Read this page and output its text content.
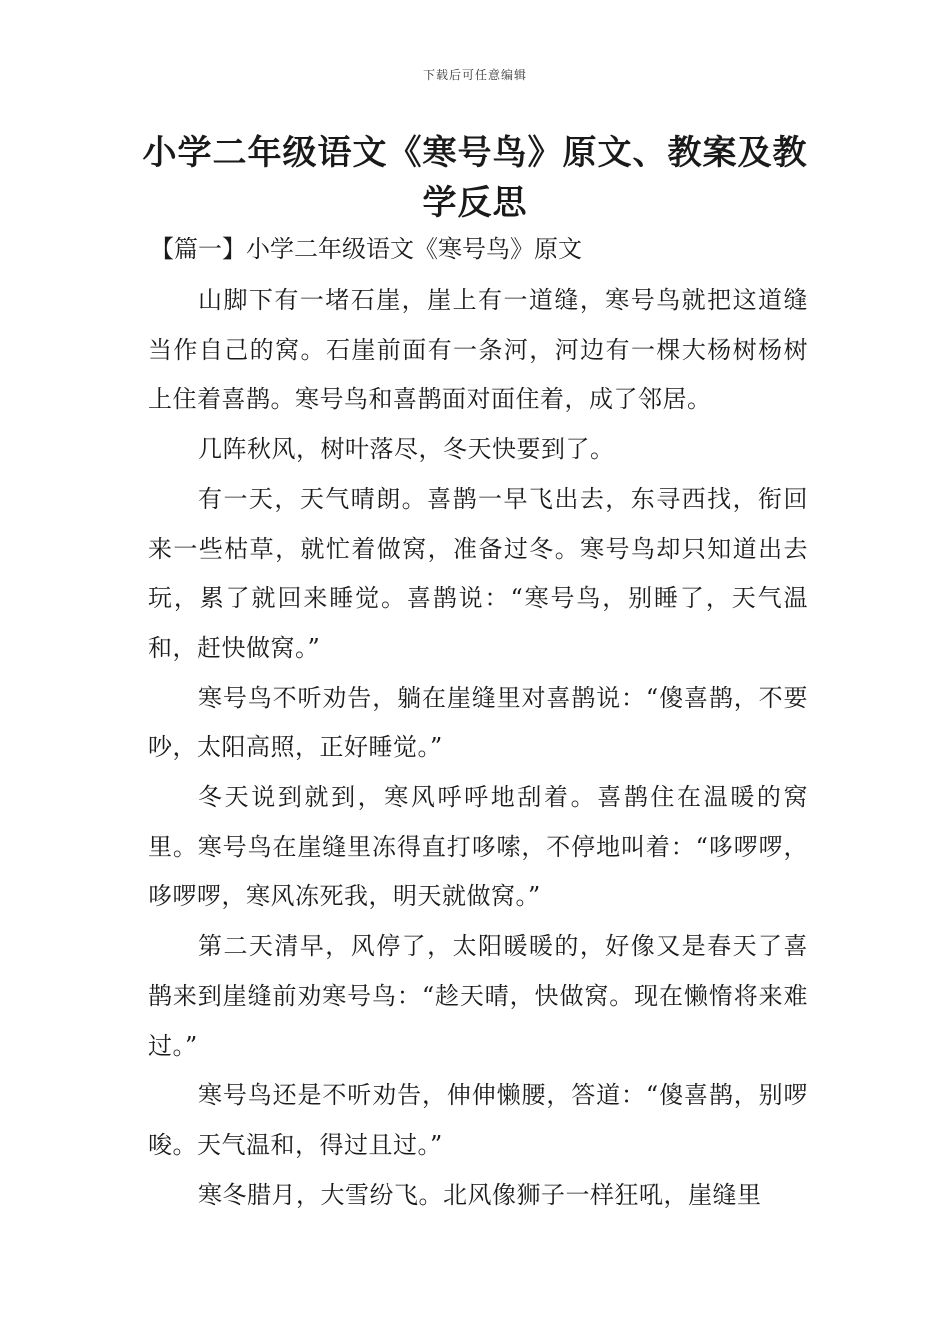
下载后可任意编辑
小学二年级语文《寒号鸟》原文、教案及教学反思
【篇一】小学二年级语文《寒号鸟》原文

山脚下有一堵石崖，崖上有一道缝，寒号鸟就把这道缝当作自己的窝。石崖前面有一条河，河边有一棵大杨树杨树上住着喜鹊。寒号鸟和喜鹊面对面住着，成了邻居。

几阵秋风，树叶落尽，冬天快要到了。

有一天，天气晴朗。喜鹊一早飞出去，东寻西找，衔回来一些枯草，就忙着做窝，准备过冬。寒号鸟却只知道出去玩，累了就回来睡觉。喜鹊说：“寒号鸟，别睡了，天气温和，赶快做窝。”

寒号鸟不听劝告，躺在崖缝里对喜鹊说：“傻喜鹊，不要吵，太阳高照，正好睡觉。”

冬天说到就到，寒风呼呼地刮着。喜鹊住在温暖的窝里。寒号鸟在崖缝里冻得直打哆嗦，不停地叫着：“哆啰啰，哆啰啰，寒风冻死我，明天就做窝。”

第二天清早，风停了，太阳暖暖的，好像又是春天了喜鹊来到崖缝前劝寒号鸟：“趁天晴，快做窝。现在懒惰将来难过。”

寒号鸟还是不听劝告，伸伸懒腰，答道：“傻喜鹊，别啰唆。天气温和，得过且过。”

寒冬腊月，大雪纷飞。北风像狮子一样狂吼，崖缝里
